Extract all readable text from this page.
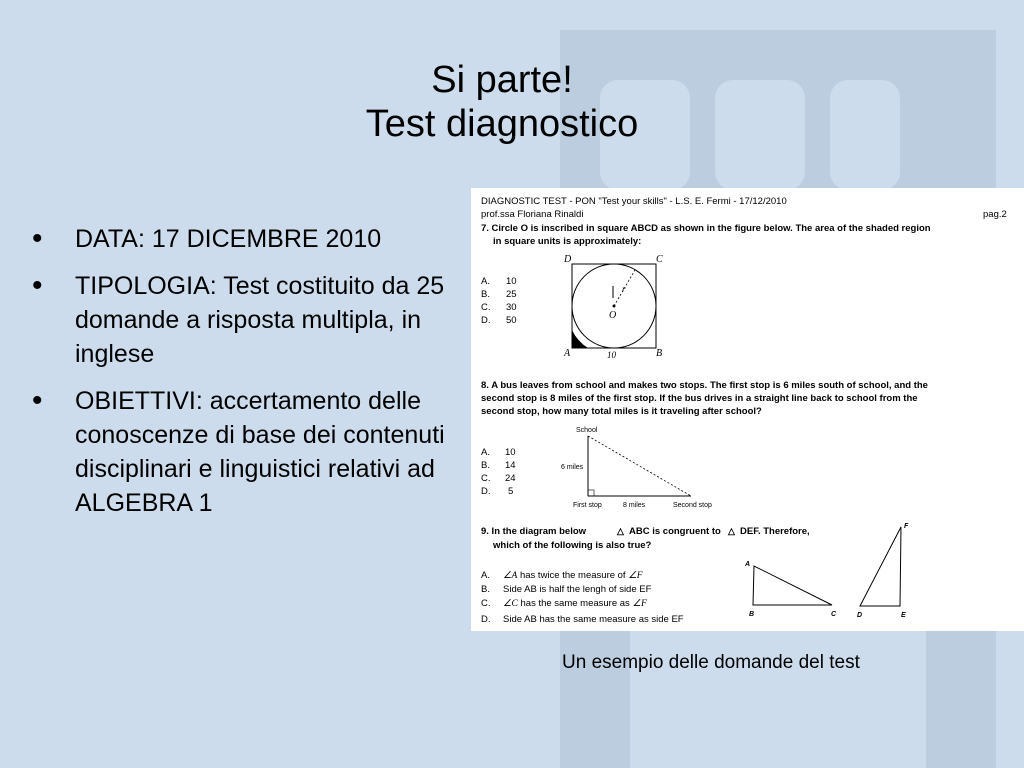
Si parte!
Test diagnostico
• DATA: 17 DICEMBRE 2010
• TIPOLOGIA: Test costituito da 25 domande a risposta multipla, in inglese
• OBIETTIVI: accertamento delle conoscenze di base dei contenuti disciplinari e linguistici relativi ad ALGEBRA 1
DIAGNOSTIC TEST - PON "Test your skills" - L.S. E. Fermi - 17/12/2010
prof.ssa Floriana Rinaldi	pag.2
7. Circle O is inscribed in square ABCD as shown in the figure below. The area of the shaded region
in square units is approximately:
A. 10
B. 25
C. 30
D. 50
D	C
A	B
O
r
10
8. A bus leaves from school and makes two stops. The first stop is 6 miles south of school, and the
second stop is 8 miles of the first stop. If the bus drives in a straight line back to school from the
second stop, how many total miles is it traveling after school?
A. 10
B. 14
C. 24
D. 5
School
6 miles
First stop	8 miles	Second stop
9. In the diagram below	△ ABC is congruent to △ DEF. Therefore,
which of the following is also true?
A. ∠A has twice the measure of ∠F
B. Side AB is half the lengh of side EF
C. ∠C has the same measure as ∠F
D. Side AB has the same measure as side EF
A
B	C	D	E
F
Un esempio delle domande del test
